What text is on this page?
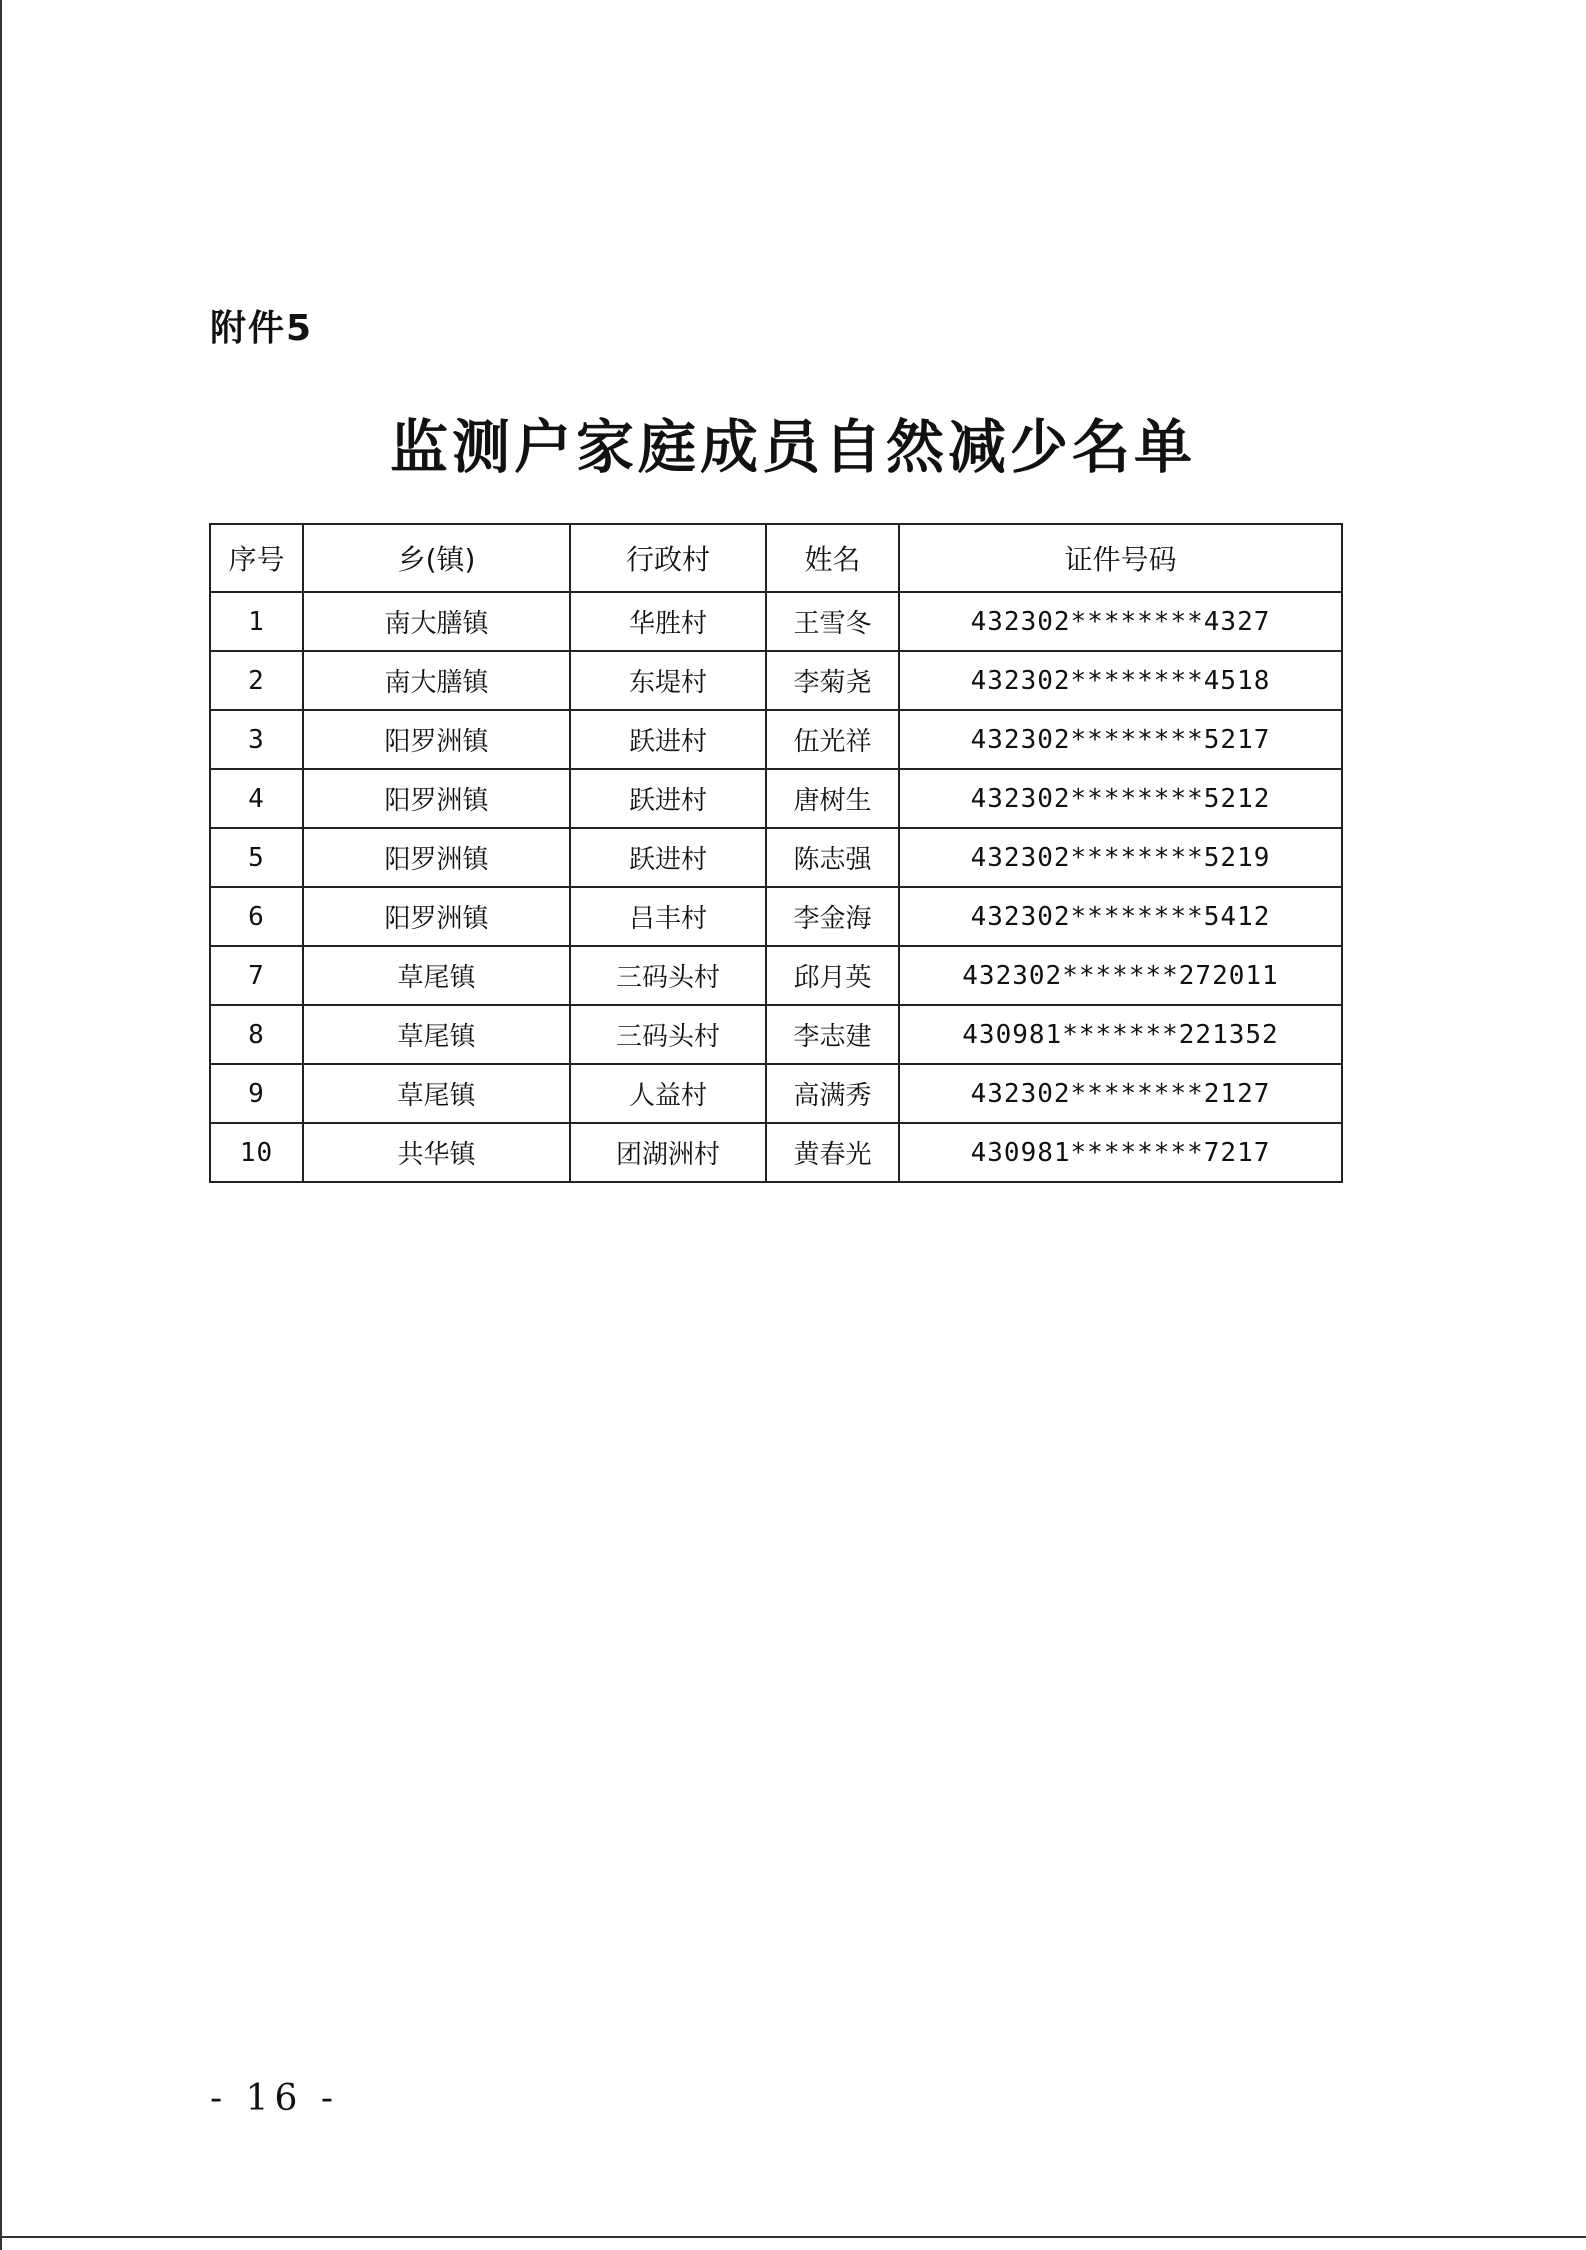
附件5
监测户家庭成员自然减少名单
序号	乡(镇)	行政村	姓名	证件号码
1	南大膳镇	华胜村	王雪冬	432302********4327
2	南大膳镇	东堤村	李菊尧	432302********4518
3	阳罗洲镇	跃进村	伍光祥	432302********5217
4	阳罗洲镇	跃进村	唐树生	432302********5212
5	阳罗洲镇	跃进村	陈志强	432302********5219
6	阳罗洲镇	吕丰村	李金海	432302********5412
7	草尾镇	三码头村	邱月英	432302*******272011
8	草尾镇	三码头村	李志建	430981*******221352
9	草尾镇	人益村	高满秀	432302********2127
10	共华镇	团湖洲村	黄春光	430981********7217
- 16 -
